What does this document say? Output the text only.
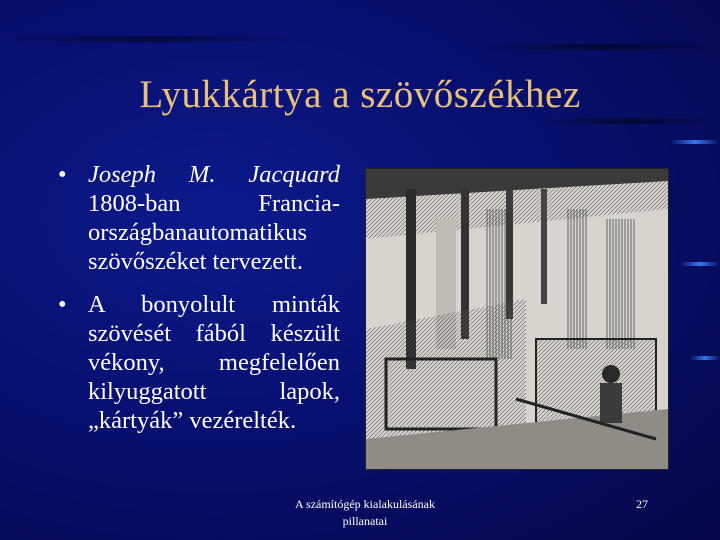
Lyukkártya a szövőszékhez
• Joseph M. Jacquard
1808-ban Francia-
országbanautomatikus
szövőszéket tervezett.
• A bonyolult minták
szövését fából készült
vékony, megfelelően
kilyuggatott lapok,
„kártyák” vezérelték.
A számítógép kialakulásának
pillanatai
27
